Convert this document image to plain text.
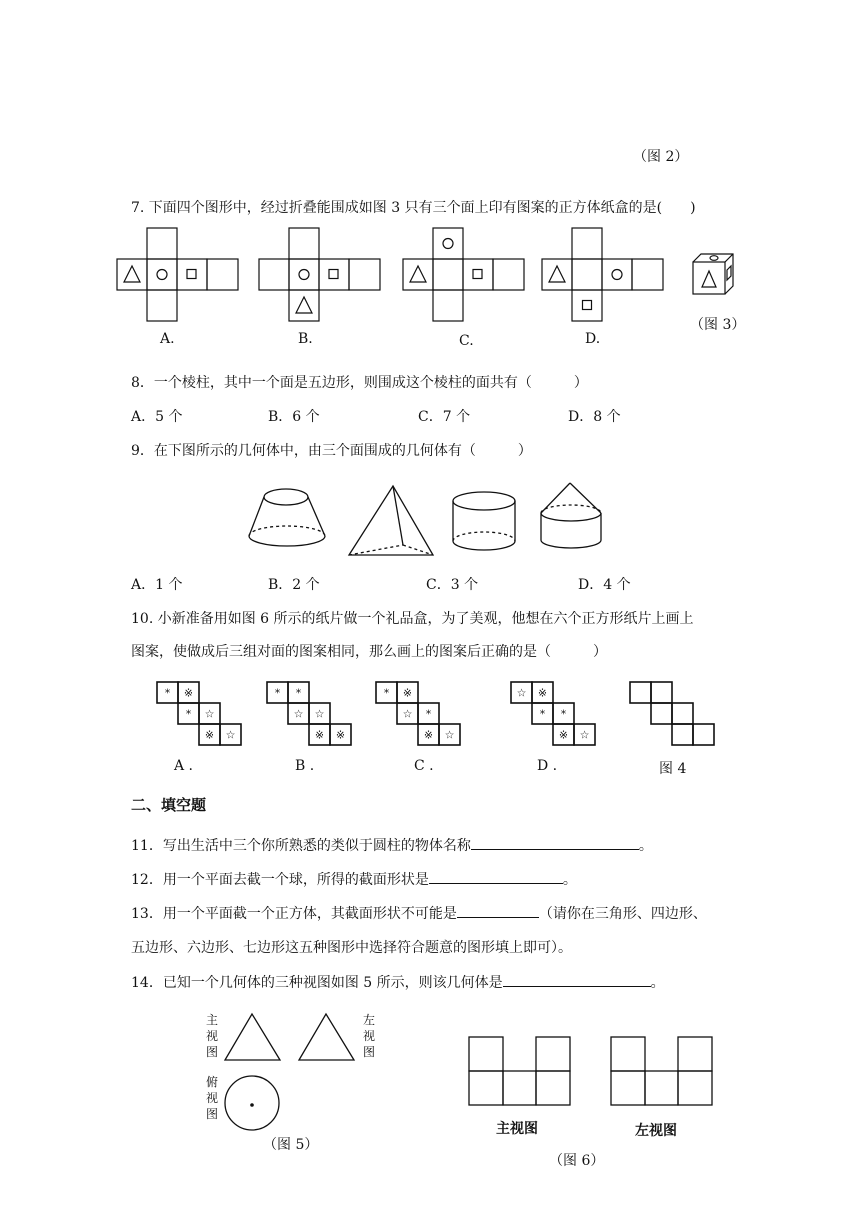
（图 2）
7. 下面四个图形中，经过折叠能围成如图 3 只有三个面上印有图案的正方体纸盒的是(　　)
A.	B.	C.	D.
（图 3）
8．一个棱柱，其中一个面是五边形，则围成这个棱柱的面共有（　　　）
A．5 个	B．6 个	C．7 个	D．8 个
9．在下图所示的几何体中，由三个面围成的几何体有（　　　）
A．1 个	B．2 个	C．3 个	D．4 个
10. 小新准备用如图 6 所示的纸片做一个礼品盒，为了美观，他想在六个正方形纸片上画上
图案，使做成后三组对面的图案相同，那么画上的图案后正确的是（　　　）
* ※
* ☆
※ ☆
* *
☆ ☆
※ ※
* ※
☆ *
※ ☆
☆ ※
* *
※ ☆
A .	B .	C .	D .	图 4
二、填空题
11．写出生活中三个你所熟悉的类似于圆柱的物体名称	。
12．用一个平面去截一个球，所得的截面形状是	。
13．用一个平面截一个正方体，其截面形状不可能是	（请你在三角形、四边形、
五边形、六边形、七边形这五种图形中选择符合题意的图形填上即可）。
14．已知一个几何体的三种视图如图 5 所示，则该几何体是	。
主视图
左视图
俯视图
（图 5）
主视图	左视图
（图 6）
